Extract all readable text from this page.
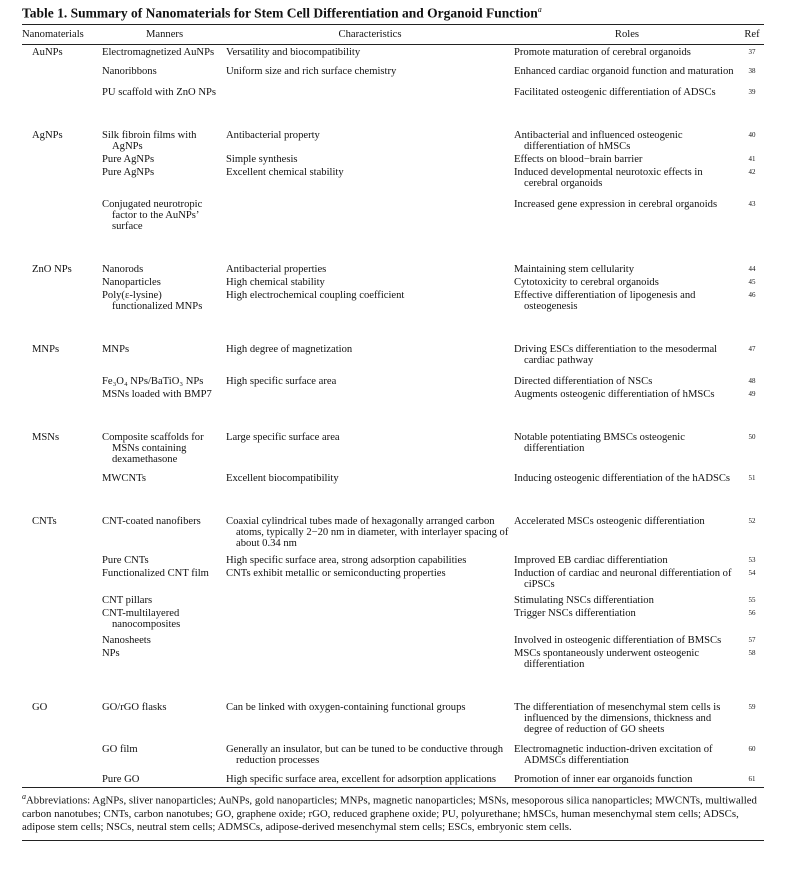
Table 1. Summary of Nanomaterials for Stem Cell Differentiation and Organoid Function$^a$
Nanomaterials	Manners	Characteristics	Roles	Ref
AuNPs	Electromagnetized AuNPs	Versatility and biocompatibility	Promote maturation of cerebral organoids	37
	Nanoribbons	Uniform size and rich surface chemistry	Enhanced cardiac organoid function and maturation	38
	PU scaffold with ZnO NPs		Facilitated osteogenic differentiation of ADSCs	39
AgNPs	Silk fibroin films with AgNPs	Antibacterial property	Antibacterial and influenced osteogenic differentiation of hMSCs	40
	Pure AgNPs	Simple synthesis	Effects on blood−brain barrier	41
	Pure AgNPs	Excellent chemical stability	Induced developmental neurotoxic effects in cerebral organoids	42
	Conjugated neurotropic factor to the AuNPs’ surface		Increased gene expression in cerebral organoids	43
ZnO NPs	Nanorods	Antibacterial properties	Maintaining stem cellularity	44
	Nanoparticles	High chemical stability	Cytotoxicity to cerebral organoids	45
	Poly(ε-lysine) functionalized MNPs	High electrochemical coupling coefficient	Effective differentiation of lipogenesis and osteogenesis	46
MNPs	MNPs	High degree of magnetization	Driving ESCs differentiation to the mesodermal cardiac pathway	47
	Fe₃O₄ NPs/BaTiO₃ NPs	High specific surface area	Directed differentiation of NSCs	48
	MSNs loaded with BMP7		Augments osteogenic differentiation of hMSCs	49
MSNs	Composite scaffolds for MSNs containing dexamethasone	Large specific surface area	Notable potentiating BMSCs osteogenic differentiation	50
	MWCNTs	Excellent biocompatibility	Inducing osteogenic differentiation of the hADSCs	51
CNTs	CNT-coated nanofibers	Coaxial cylindrical tubes made of hexagonally arranged carbon atoms, typically 2−20 nm in diameter, with interlayer spacing of about 0.34 nm	Accelerated MSCs osteogenic differentiation	52
	Pure CNTs	High specific surface area, strong adsorption capabilities	Improved EB cardiac differentiation	53
	Functionalized CNT film	CNTs exhibit metallic or semiconducting properties	Induction of cardiac and neuronal differentiation of ciPSCs	54
	CNT pillars		Stimulating NSCs differentiation	55
	CNT-multilayered nanocomposites		Trigger NSCs differentiation	56
	Nanosheets		Involved in osteogenic differentiation of BMSCs	57
	NPs		MSCs spontaneously underwent osteogenic differentiation	58
GO	GO/rGO flasks	Can be linked with oxygen-containing functional groups	The differentiation of mesenchymal stem cells is influenced by the dimensions, thickness and degree of reduction of GO sheets	59
	GO film	Generally an insulator, but can be tuned to be conductive through reduction processes	Electromagnetic induction-driven excitation of ADMSCs differentiation	60
	Pure GO	High specific surface area, excellent for adsorption applications	Promotion of inner ear organoids function	61
$^a$Abbreviations: AgNPs, sliver nanoparticles; AuNPs, gold nanoparticles; MNPs, magnetic nanoparticles; MSNs, mesoporous silica nanoparticles; MWCNTs, multiwalled carbon nanotubes; CNTs, carbon nanotubes; GO, graphene oxide; rGO, reduced graphene oxide; PU, polyurethane; hMSCs, human mesenchymal stem cells; ADSCs, adipose stem cells; NSCs, neutral stem cells; ADMSCs, adipose-derived mesenchymal stem cells; ESCs, embryonic stem cells.
